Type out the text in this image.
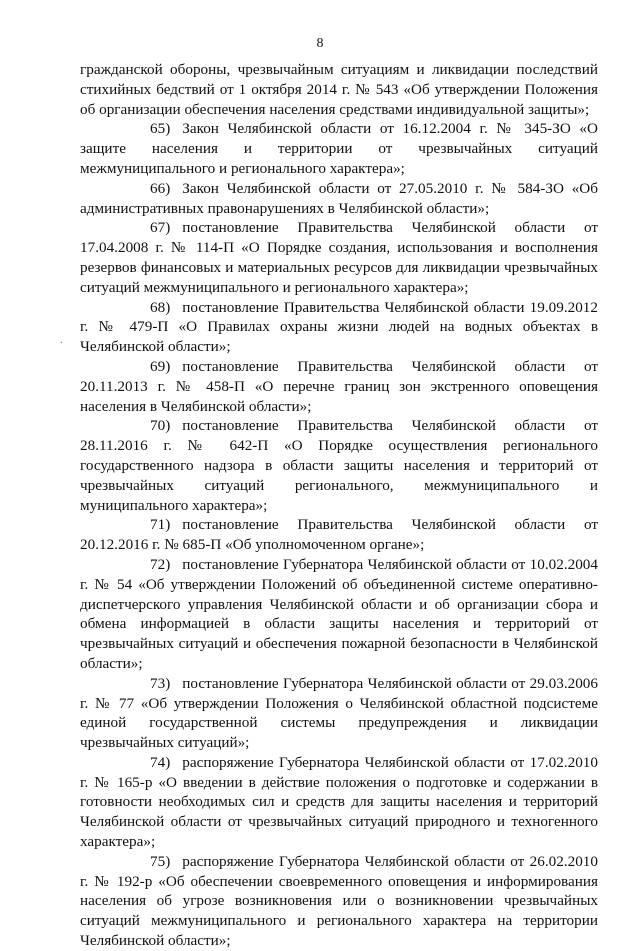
8
.

гражданской обороны, чрезвычайным ситуациям и ликвидации последствий стихийных бедствий от 1 октября 2014 г. № 543 «Об утверждении Положения об организации обеспечения населения средствами индивидуальной защиты»;

65) Закон Челябинской области от 16.12.2004 г. № 345-ЗО «О защите населения и территории от чрезвычайных ситуаций межмуниципального и регионального характера»;

66) Закон Челябинской области от 27.05.2010 г. № 584-ЗО «Об административных правонарушениях в Челябинской области»;

67) постановление Правительства Челябинской области от 17.04.2008 г. № 114-П «О Порядке создания, использования и восполнения резервов финансовых и материальных ресурсов для ликвидации чрезвычайных ситуаций межмуниципального и регионального характера»;

68) постановление Правительства Челябинской области 19.09.2012 г. № 479-П «О Правилах охраны жизни людей на водных объектах в Челябинской области»;

69) постановление Правительства Челябинской области от 20.11.2013 г. № 458-П «О перечне границ зон экстренного оповещения населения в Челябинской области»;

70) постановление Правительства Челябинской области от 28.11.2016 г. № 642-П «О Порядке осуществления регионального государственного надзора в области защиты населения и территорий от чрезвычайных ситуаций регионального, межмуниципального и муниципального характера»;

71) постановление Правительства Челябинской области от 20.12.2016 г. № 685-П «Об уполномоченном органе»;

72) постановление Губернатора Челябинской области от 10.02.2004 г. № 54 «Об утверждении Положений об объединенной системе оперативно-диспетчерского управления Челябинской области и об организации сбора и обмена информацией в области защиты населения и территорий от чрезвычайных ситуаций и обеспечения пожарной безопасности в Челябинской области»;

73) постановление Губернатора Челябинской области от 29.03.2006 г. № 77 «Об утверждении Положения о Челябинской областной подсистеме единой государственной системы предупреждения и ликвидации чрезвычайных ситуаций»;

74) распоряжение Губернатора Челябинской области от 17.02.2010 г. № 165-р «О введении в действие положения о подготовке и содержании в готовности необходимых сил и средств для защиты населения и территорий Челябинской области от чрезвычайных ситуаций природного и техногенного характера»;

75) распоряжение Губернатора Челябинской области от 26.02.2010 г. № 192-р «Об обеспечении своевременного оповещения и информирования населения об угрозе возникновения или о возникновении чрезвычайных ситуаций межмуниципального и регионального характера на территории Челябинской области»;
